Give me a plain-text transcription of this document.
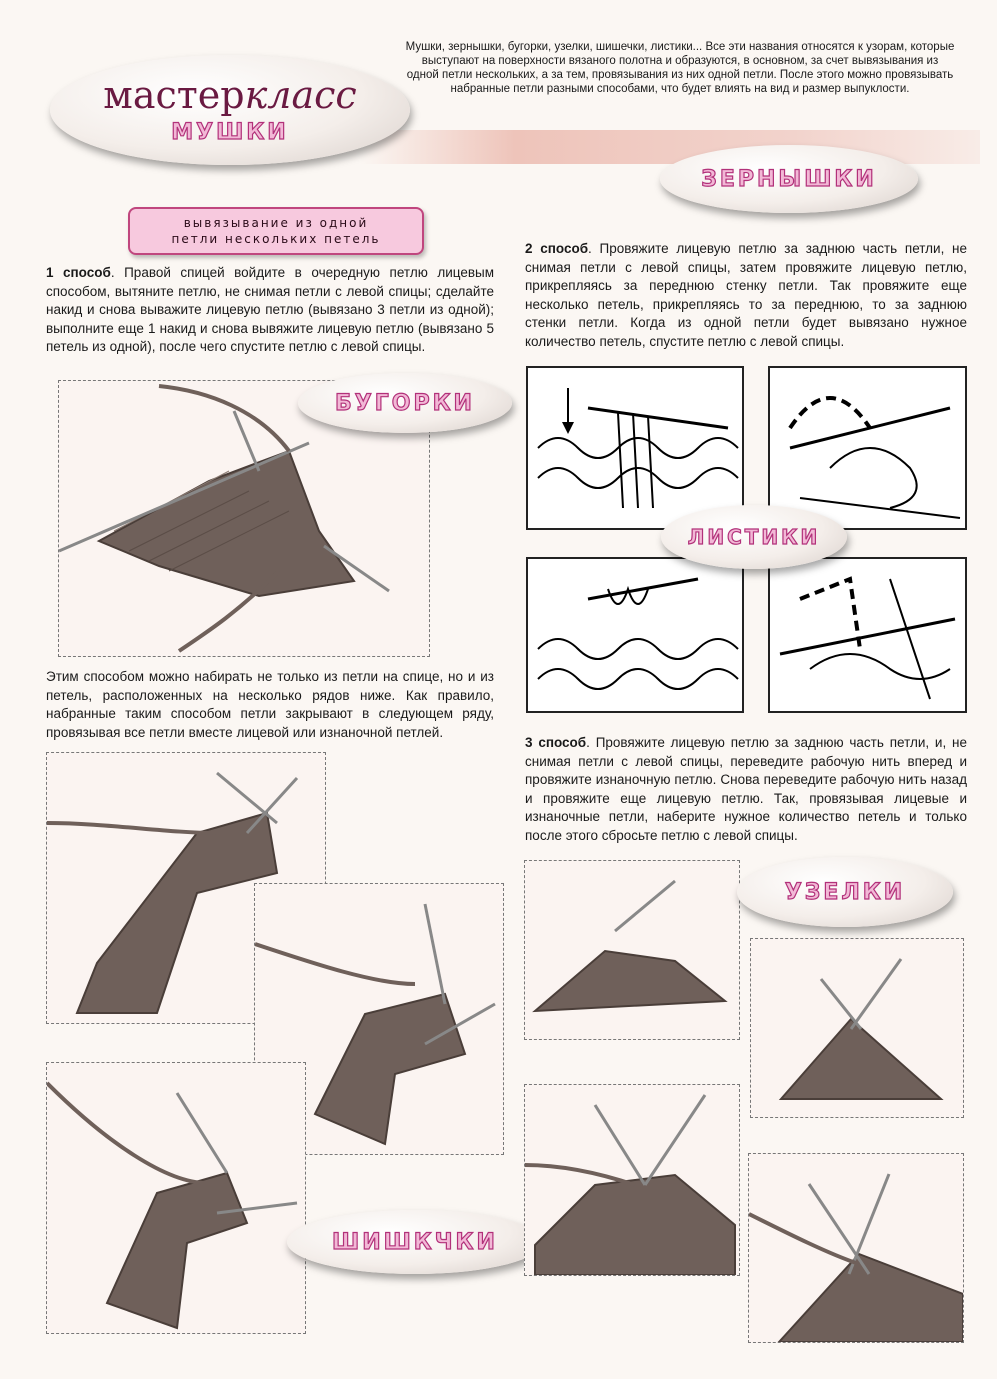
мастеркласс
МУШКИ
Мушки, зернышки, бугорки, узелки, шишечки, листики... Все эти названия относятся к узорам, которые выступают на поверхности вязаного полотна и образуются, в основном, за счет вывязывания из одной петли нескольких, а за тем, провязывания из них одной петли. После этого можно провязывать набранные петли разными способами, что будет влиять на вид и размер выпуклости.
ЗЕРНЫШКИ
вывязывание из одной
петли нескольких петель
1 способ. Правой спицей войдите в очередную петлю лицевым способом, вытяните петлю, не снимая петли с левой спицы; сделайте накид и снова выважите лицевую петлю (вывязано 3 петли из одной); выполните еще 1 накид и снова вывяжите лицевую петлю (вывязано 5 петель из одной), после чего спустите петлю с левой спицы.
БУГОРКИ
Этим способом можно набирать не только из петли на спице, но и из петель, расположенных на несколько рядов ниже. Как правило, набранные таким способом петли закрывают в следующем ряду, провязывая все петли вместе лицевой или изнаночной петлей.
2 способ. Провяжите лицевую петлю за заднюю часть петли, не снимая петли с левой спицы, затем провяжите лицевую петлю, прикрепляясь за переднюю стенку петли. Так провяжите еще несколько петель, прикрепляясь то за переднюю, то за заднюю стенки петли. Когда из одной петли будет вывязано нужное количество петель, спустите петлю с левой спицы.
ЛИСТИКИ
3 способ. Провяжите лицевую петлю за заднюю часть петли, и, не снимая петли с левой спицы, переведите рабочую нить вперед и провяжите изнаночную петлю. Снова переведите рабочую нить назад и провяжите еще лицевую петлю. Так, провязывая лицевые и изнаночные петли, наберите нужное количество петель и только после этого сбросьте петлю с левой спицы.
ШИШКЧКИ
УЗЕЛКИ
